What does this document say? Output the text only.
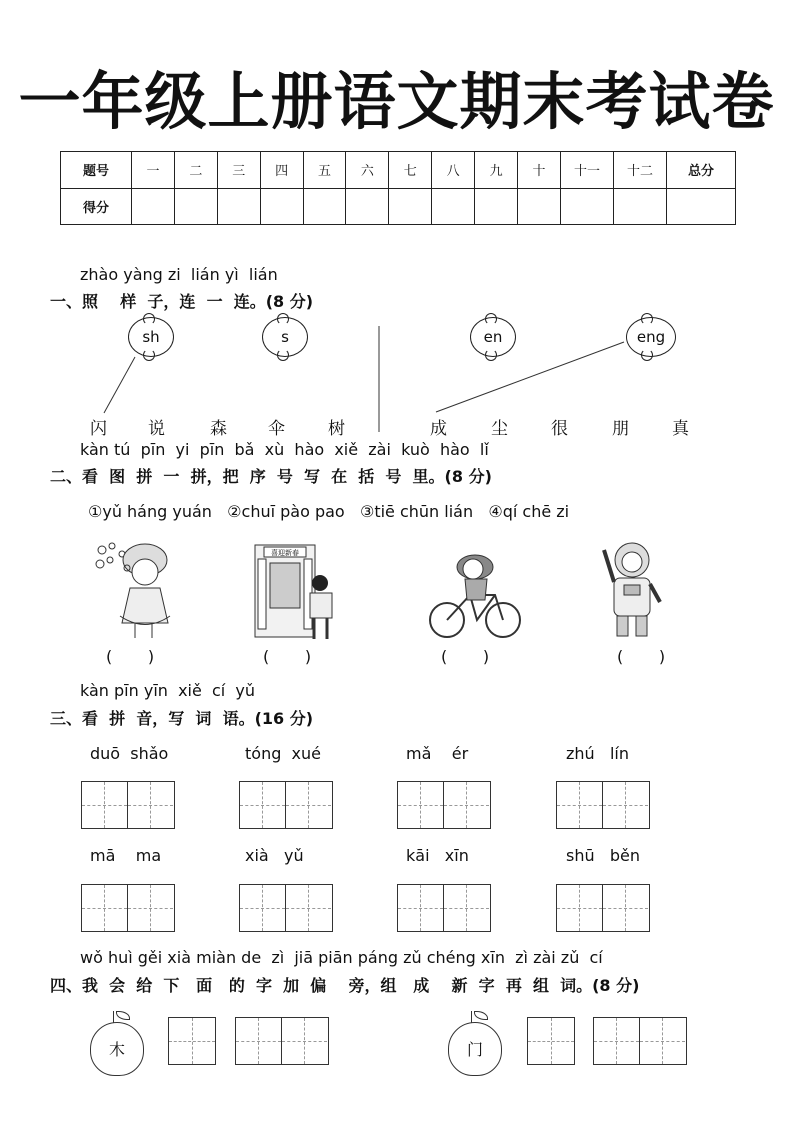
一年级上册语文期末考试卷
题号	一	二	三	四	五	六	七	八	九	十	十一	十二	总分
得分													
zhào yàng zi  lián yì  lián
一、照    样  子，连  一  连。(8 分)
sh	s	en	eng
闪 说	森 伞	树	成	尘	很	朋	真
kàn tú  pīn  yi  pīn  bǎ  xù  hào  xiě  zài  kuò  hào  lǐ
二、看  图  拼  一  拼，把  序  号  写  在  括  号  里。(8 分)
①yǔ háng yuán   ②chuī pào pao   ③tiē chūn lián   ④qí chē zi
喜迎新春
(       )	(       )	(       )	(       )
kàn pīn yīn  xiě  cí  yǔ
三、看  拼  音，写  词  语。(16 分)
duō  shǎo	tóng  xué	mǎ    ér	zhú   lín
mā    ma	xià   yǔ	kāi   xīn	shū   běn
wǒ huì gěi xià miàn de  zì  jiā piān páng zǔ chéng xīn  zì zài zǔ  cí
四、我  会  给  下   面   的  字  加  偏    旁，组   成    新  字  再  组  词。(8 分)
木	门
